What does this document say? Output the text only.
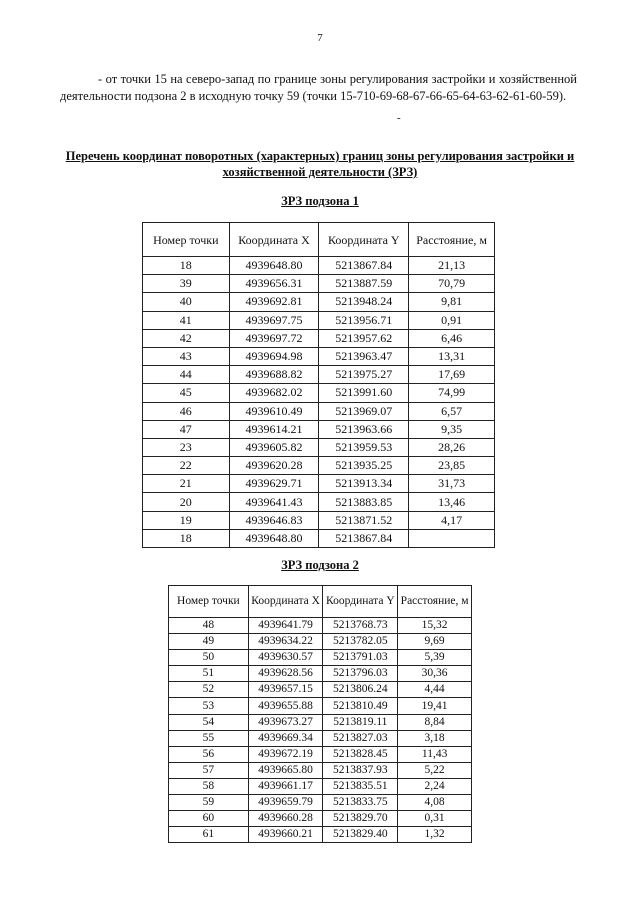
7

- от точки 15 на северо-запад по границе зоны регулирования застройки и хозяйственной деятельности подзона 2 в исходную точку 59 (точки 15-710-69-68-67-66-65-64-63-62-61-60-59).

-
Перечень координат поворотных (характерных) границ зоны регулирования застройки и хозяйственной деятельности (ЗРЗ)
ЗРЗ подзона 1
Номер точки	Координата X	Координата Y	Расстояние, м
18	4939648.80	5213867.84	21,13
39	4939656.31	5213887.59	70,79
40	4939692.81	5213948.24	9,81
41	4939697.75	5213956.71	0,91
42	4939697.72	5213957.62	6,46
43	4939694.98	5213963.47	13,31
44	4939688.82	5213975.27	17,69
45	4939682.02	5213991.60	74,99
46	4939610.49	5213969.07	6,57
47	4939614.21	5213963.66	9,35
23	4939605.82	5213959.53	28,26
22	4939620.28	5213935.25	23,85
21	4939629.71	5213913.34	31,73
20	4939641.43	5213883.85	13,46
19	4939646.83	5213871.52	4,17
18	4939648.80	5213867.84	
ЗРЗ подзона 2
Номер точки	Координата X	Координата Y	Расстояние, м
48	4939641.79	5213768.73	15,32
49	4939634.22	5213782.05	9,69
50	4939630.57	5213791.03	5,39
51	4939628.56	5213796.03	30,36
52	4939657.15	5213806.24	4,44
53	4939655.88	5213810.49	19,41
54	4939673.27	5213819.11	8,84
55	4939669.34	5213827.03	3,18
56	4939672.19	5213828.45	11,43
57	4939665.80	5213837.93	5,22
58	4939661.17	5213835.51	2,24
59	4939659.79	5213833.75	4,08
60	4939660.28	5213829.70	0,31
61	4939660.21	5213829.40	1,32
